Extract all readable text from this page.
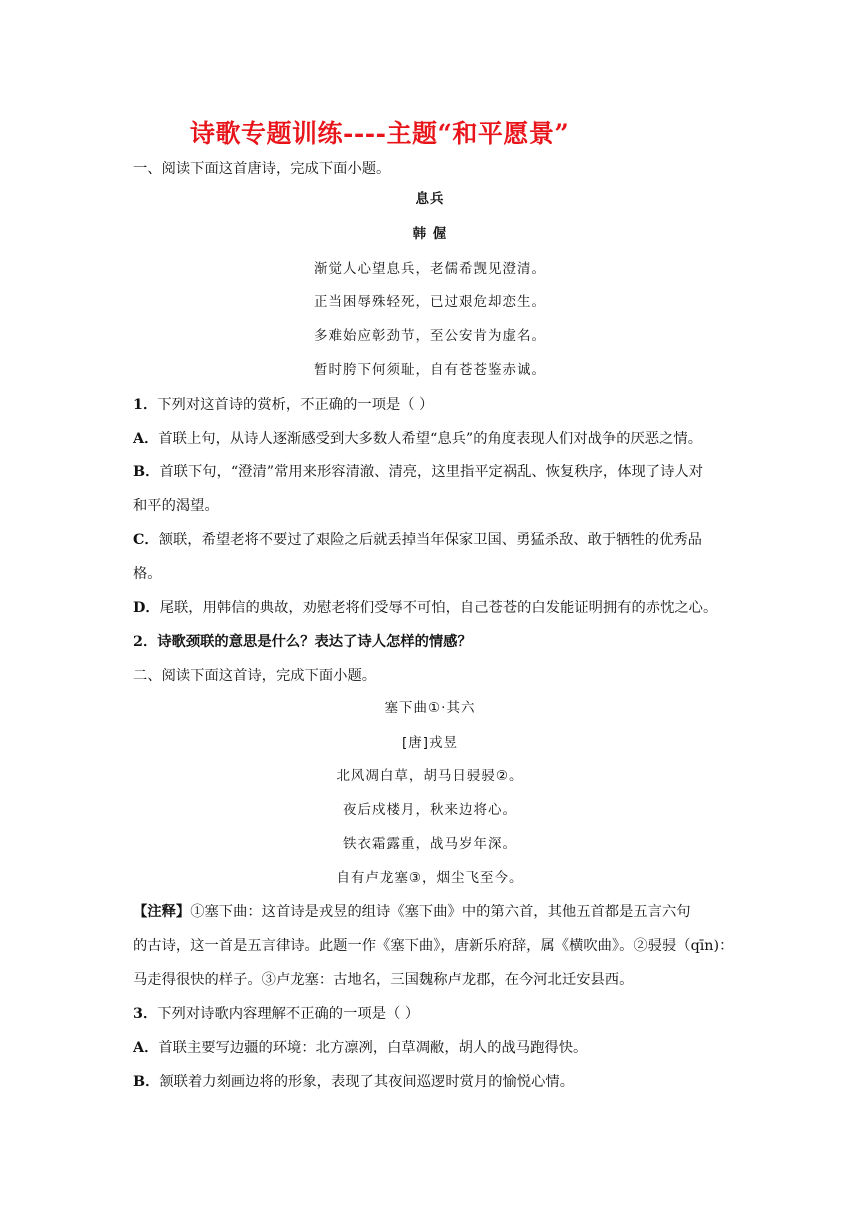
诗歌专题训练----主题“和平愿景”
一、阅读下面这首唐诗，完成下面小题。
息兵
韩 偓
渐觉人心望息兵，老儒希觊见澄清。
正当困辱殊轻死，已过艰危却恋生。
多难始应彰劲节，至公安肯为虚名。
暂时胯下何须耻，自有苍苍鉴赤诚。
1．下列对这首诗的赏析，不正确的一项是（ ）
A．首联上句，从诗人逐渐感受到大多数人希望“息兵”的角度表现人们对战争的厌恶之情。
B．首联下句，“澄清”常用来形容清澈、清亮，这里指平定祸乱、恢复秩序，体现了诗人对
和平的渴望。
C．颔联，希望老将不要过了艰险之后就丢掉当年保家卫国、勇猛杀敌、敢于牺牲的优秀品
格。
D．尾联，用韩信的典故，劝慰老将们受辱不可怕，自己苍苍的白发能证明拥有的赤忱之心。
2．诗歌颈联的意思是什么？表达了诗人怎样的情感？
二、阅读下面这首诗，完成下面小题。
塞下曲①·其六
[唐]戎昱
北风凋白草，胡马日骎骎②。
夜后戍楼月，秋来边将心。
铁衣霜露重，战马岁年深。
自有卢龙塞③，烟尘飞至今。
【注释】①塞下曲：这首诗是戎昱的组诗《塞下曲》中的第六首，其他五首都是五言六句
的古诗，这一首是五言律诗。此题一作《塞下曲》，唐新乐府辞，属《横吹曲》。②骎骎（qīn)：
马走得很快的样子。③卢龙塞：古地名，三国魏称卢龙郡，在今河北迁安县西。
3．下列对诗歌内容理解不正确的一项是（ ）
A．首联主要写边疆的环境：北方凛冽，白草凋敝，胡人的战马跑得快。
B．颔联着力刻画边将的形象，表现了其夜间巡逻时赏月的愉悦心情。
